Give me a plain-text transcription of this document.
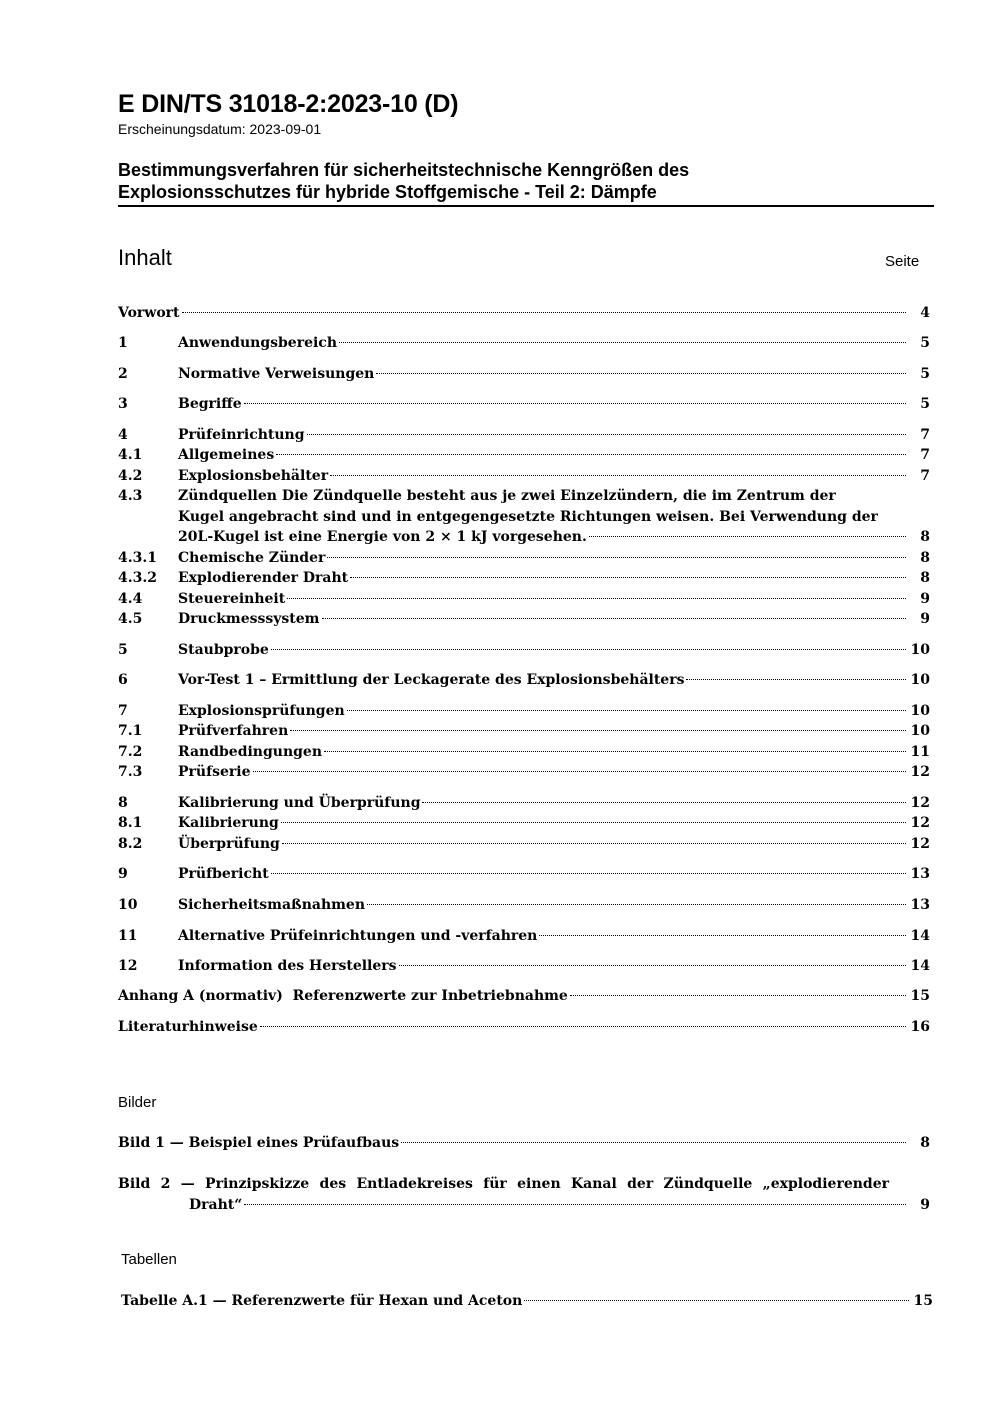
E DIN/TS 31018-2:2023-10 (D)
Erscheinungsdatum: 2023-09-01
Bestimmungsverfahren für sicherheitstechnische Kenngrößen des
Explosionsschutzes für hybride Stoffgemische - Teil 2: Dämpfe
Inhalt	Seite
Vorwort	4
1	Anwendungsbereich	5
2	Normative Verweisungen	5
3	Begriffe	5
4	Prüfeinrichtung	7
4.1	Allgemeines	7
4.2	Explosionsbehälter	7
4.3	Zündquellen Die Zündquelle besteht aus je zwei Einzelzündern, die im Zentrum der
Kugel angebracht sind und in entgegengesetzte Richtungen weisen. Bei Verwendung der
20L-Kugel ist eine Energie von 2 × 1 kJ vorgesehen.	8
4.3.1 Chemische Zünder	8
4.3.2 Explodierender Draht	8
4.4	Steuereinheit	9
4.5	Druckmesssystem	9
5	Staubprobe	10
6	Vor-Test 1 – Ermittlung der Leckagerate des Explosionsbehälters	10
7	Explosionsprüfungen	10
7.1	Prüfverfahren	10
7.2	Randbedingungen	11
7.3	Prüfserie	12
8	Kalibrierung und Überprüfung	12
8.1	Kalibrierung	12
8.2	Überprüfung	12
9	Prüfbericht	13
10	Sicherheitsmaßnahmen	13
11	Alternative Prüfeinrichtungen und -verfahren	14
12	Information des Herstellers	14
Anhang A (normativ)  Referenzwerte zur Inbetriebnahme	15
Literaturhinweise	16
Bilder
Bild 1 — Beispiel eines Prüfaufbaus	8
Bild 2 — Prinzipskizze des Entladekreises für einen Kanal der Zündquelle „explodierender
Draht“	9
Tabellen
Tabelle A.1 — Referenzwerte für Hexan und Aceton	15
